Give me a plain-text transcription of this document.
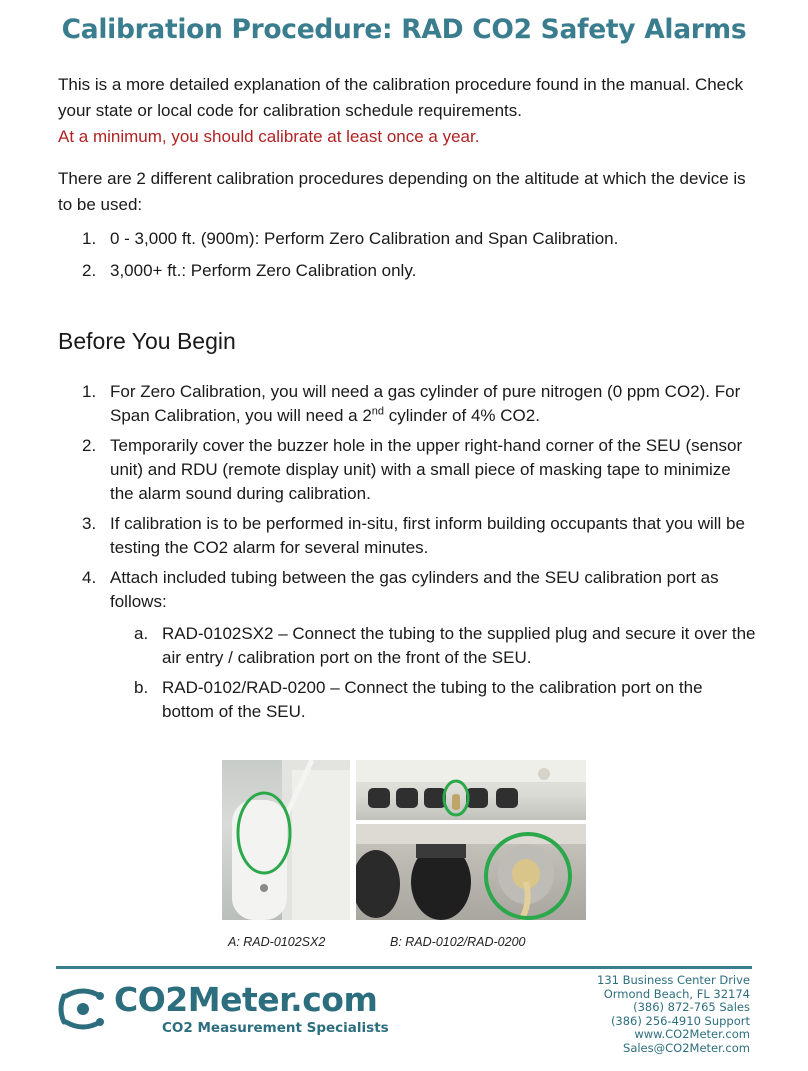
Calibration Procedure: RAD CO2 Safety Alarms
This is a more detailed explanation of the calibration procedure found in the manual. Check your state or local code for calibration schedule requirements.
At a minimum, you should calibrate at least once a year.
There are 2 different calibration procedures depending on the altitude at which the device is to be used:
1. 0 - 3,000 ft. (900m): Perform Zero Calibration and Span Calibration.
2. 3,000+ ft.: Perform Zero Calibration only.
Before You Begin
1. For Zero Calibration, you will need a gas cylinder of pure nitrogen (0 ppm CO2). For Span Calibration, you will need a 2nd cylinder of 4% CO2.
2. Temporarily cover the buzzer hole in the upper right-hand corner of the SEU (sensor unit) and RDU (remote display unit) with a small piece of masking tape to minimize the alarm sound during calibration.
3. If calibration is to be performed in-situ, first inform building occupants that you will be testing the CO2 alarm for several minutes.
4. Attach included tubing between the gas cylinders and the SEU calibration port as follows:
a. RAD-0102SX2 – Connect the tubing to the supplied plug and secure it over the air entry / calibration port on the front of the SEU.
b. RAD-0102/RAD-0200 – Connect the tubing to the calibration port on the bottom of the SEU.
A: RAD-0102SX2	B: RAD-0102/RAD-0200
CO2Meter.com
CO2 Measurement Specialists
131 Business Center Drive
Ormond Beach, FL 32174
(386) 872-765 Sales
(386) 256-4910 Support
www.CO2Meter.com
Sales@CO2Meter.com
